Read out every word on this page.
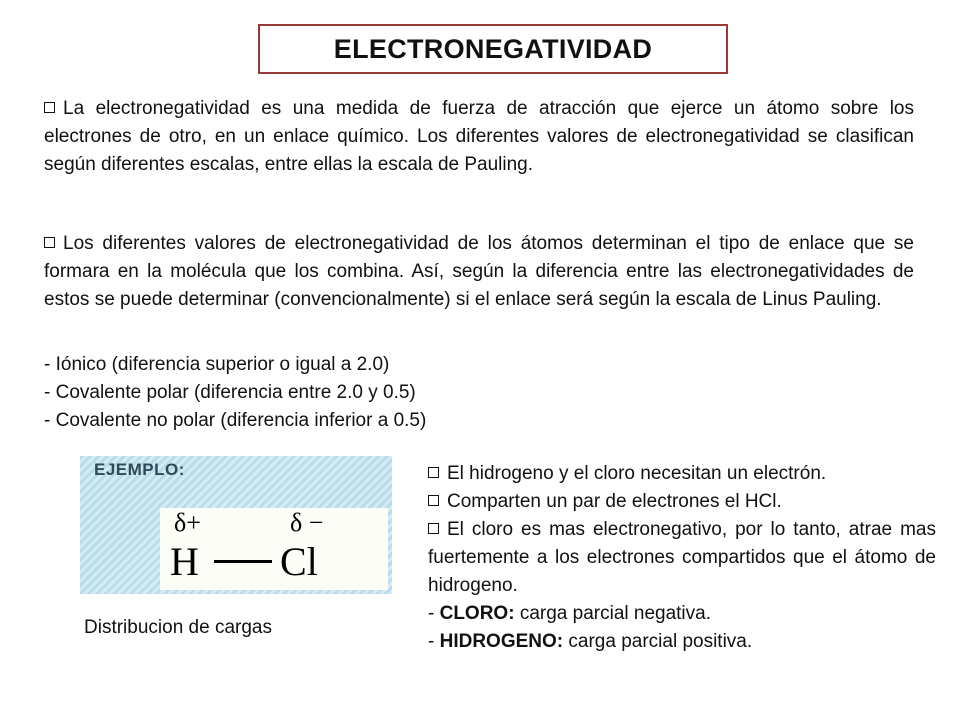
ELECTRONEGATIVIDAD
La electronegatividad es una medida de fuerza de atracción que ejerce un átomo sobre los electrones de otro, en un enlace químico. Los diferentes valores de electronegatividad se clasifican según diferentes escalas, entre ellas la escala de Pauling.
Los diferentes valores de electronegatividad de los átomos determinan el tipo de enlace que se formara en la molécula que los combina. Así, según la diferencia entre las electronegatividades de estos se puede determinar (convencionalmente) si el enlace será según la escala de Linus Pauling.
- Iónico (diferencia superior o igual a 2.0)
- Covalente polar (diferencia entre 2.0 y 0.5)
- Covalente no polar (diferencia inferior a 0.5)
EJEMPLO:
δ+	δ −
H Cl
Distribucion de cargas
El hidrogeno y el cloro necesitan un electrón.
Comparten un par de electrones el HCl.
El cloro es mas electronegativo, por lo tanto, atrae mas fuertemente a los electrones compartidos que el átomo de hidrogeno.
- CLORO: carga parcial negativa.
- HIDROGENO: carga parcial positiva.
